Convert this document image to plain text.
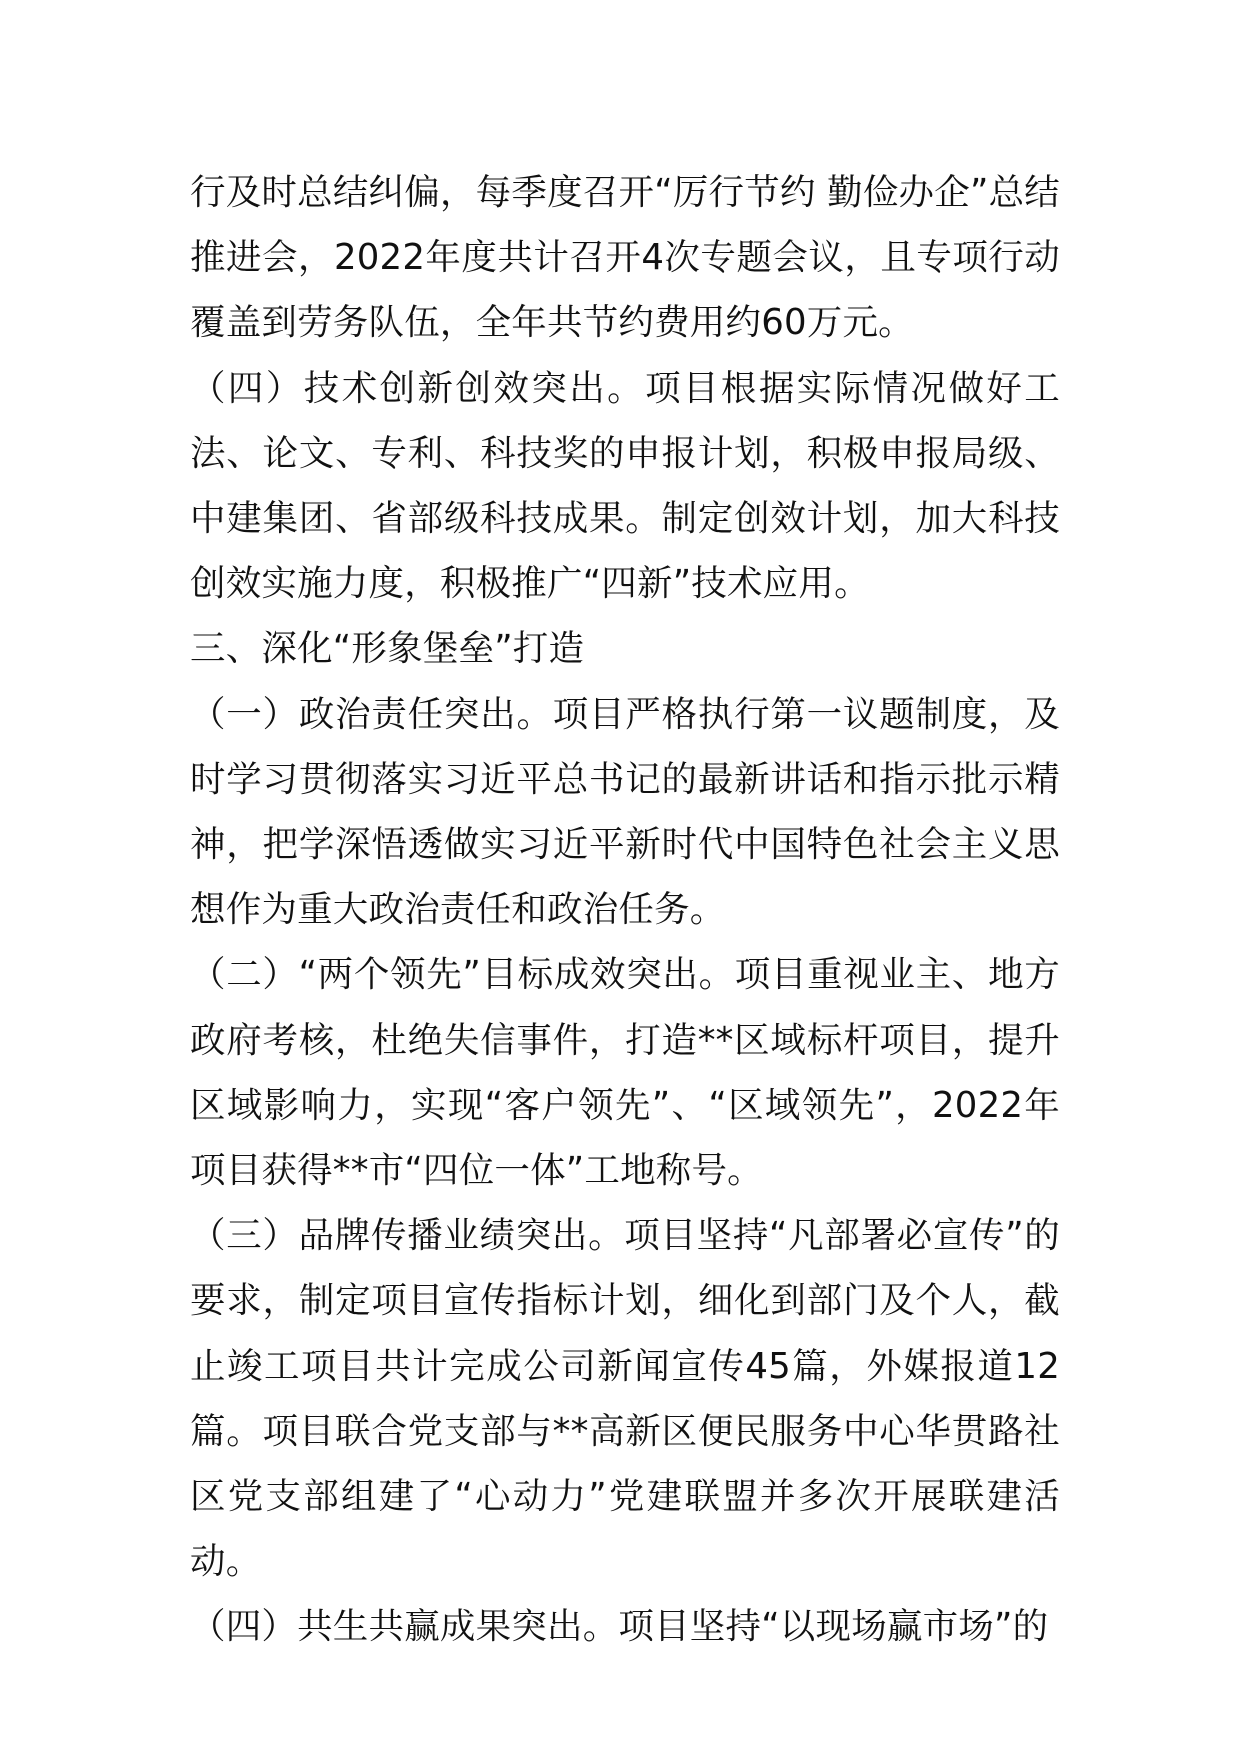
行及时总结纠偏，每季度召开“厉行节约 勤俭办企”总结推进会，2022年度共计召开4次专题会议，且专项行动覆盖到劳务队伍，全年共节约费用约60万元。

（四）技术创新创效突出。项目根据实际情况做好工法、论文、专利、科技奖的申报计划，积极申报局级、中建集团、省部级科技成果。制定创效计划，加大科技创效实施力度，积极推广“四新”技术应用。

三、深化“形象堡垒”打造

（一）政治责任突出。项目严格执行第一议题制度，及时学习贯彻落实习近平总书记的最新讲话和指示批示精神，把学深悟透做实习近平新时代中国特色社会主义思想作为重大政治责任和政治任务。

（二）“两个领先”目标成效突出。项目重视业主、地方政府考核，杜绝失信事件，打造**区域标杆项目，提升区域影响力，实现“客户领先”、“区域领先”，2022年项目获得**市“四位一体”工地称号。

（三）品牌传播业绩突出。项目坚持“凡部署必宣传”的要求，制定项目宣传指标计划，细化到部门及个人，截止竣工项目共计完成公司新闻宣传45篇，外媒报道12篇。项目联合党支部与**高新区便民服务中心华贯路社区党支部组建了“心动力”党建联盟并多次开展联建活动。

（四）共生共赢成果突出。项目坚持“以现场赢市场”的
